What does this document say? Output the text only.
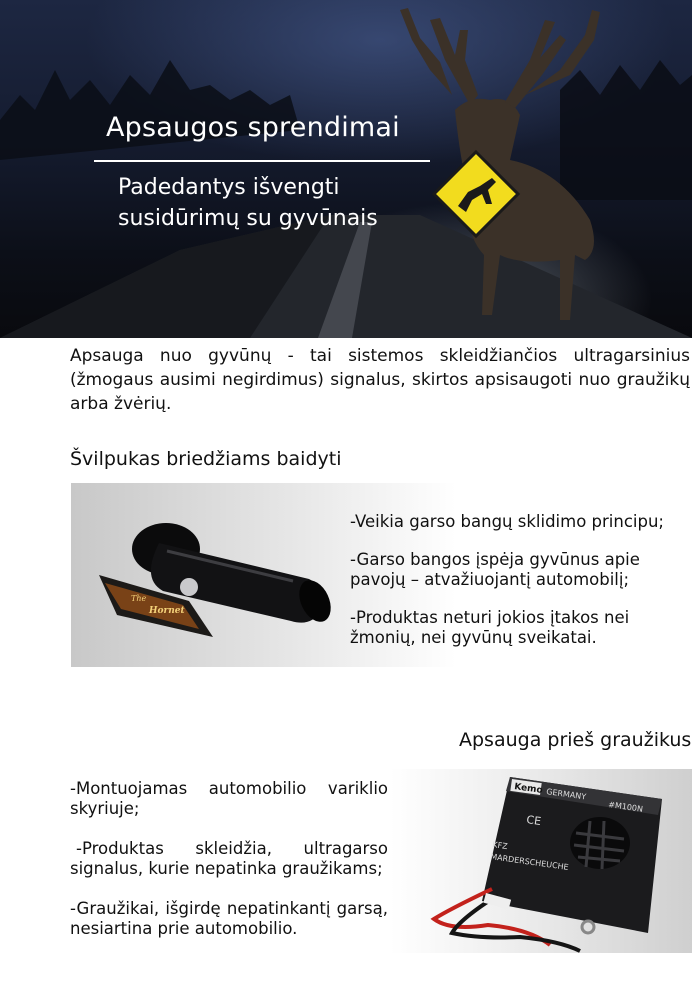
Apsaugos sprendimai
Padedantys išvengti
susidūrimų su gyvūnais
Apsauga nuo gyvūnų - tai sistemos skleidžiančios ultragarsinius (žmogaus ausimi negirdimus) signalus, skirtos apsisaugoti nuo graužikų arba žvėrių.
Švilpukas briedžiams baidyti
The
Hornet

-Veikia garso bangų sklidimo principu;

-Garso bangos įspėja gyvūnus apie pavojų – atvažiuojantį automobilį;

-Produktas neturi jokios įtakos nei žmonių, nei gyvūnų sveikatai.

Apsauga prieš graužikus

-Montuojamas automobilio variklio skyriuje;

-Produktas skleidžia, ultragarso signalus, kurie nepatinka graužikams;

-Graužikai, išgirdę nepatinkantį garsą, nesiartina prie automobilio.

Kemo GERMANY
#M100N
CE
KFZ
MARDERSCHEUCHE
